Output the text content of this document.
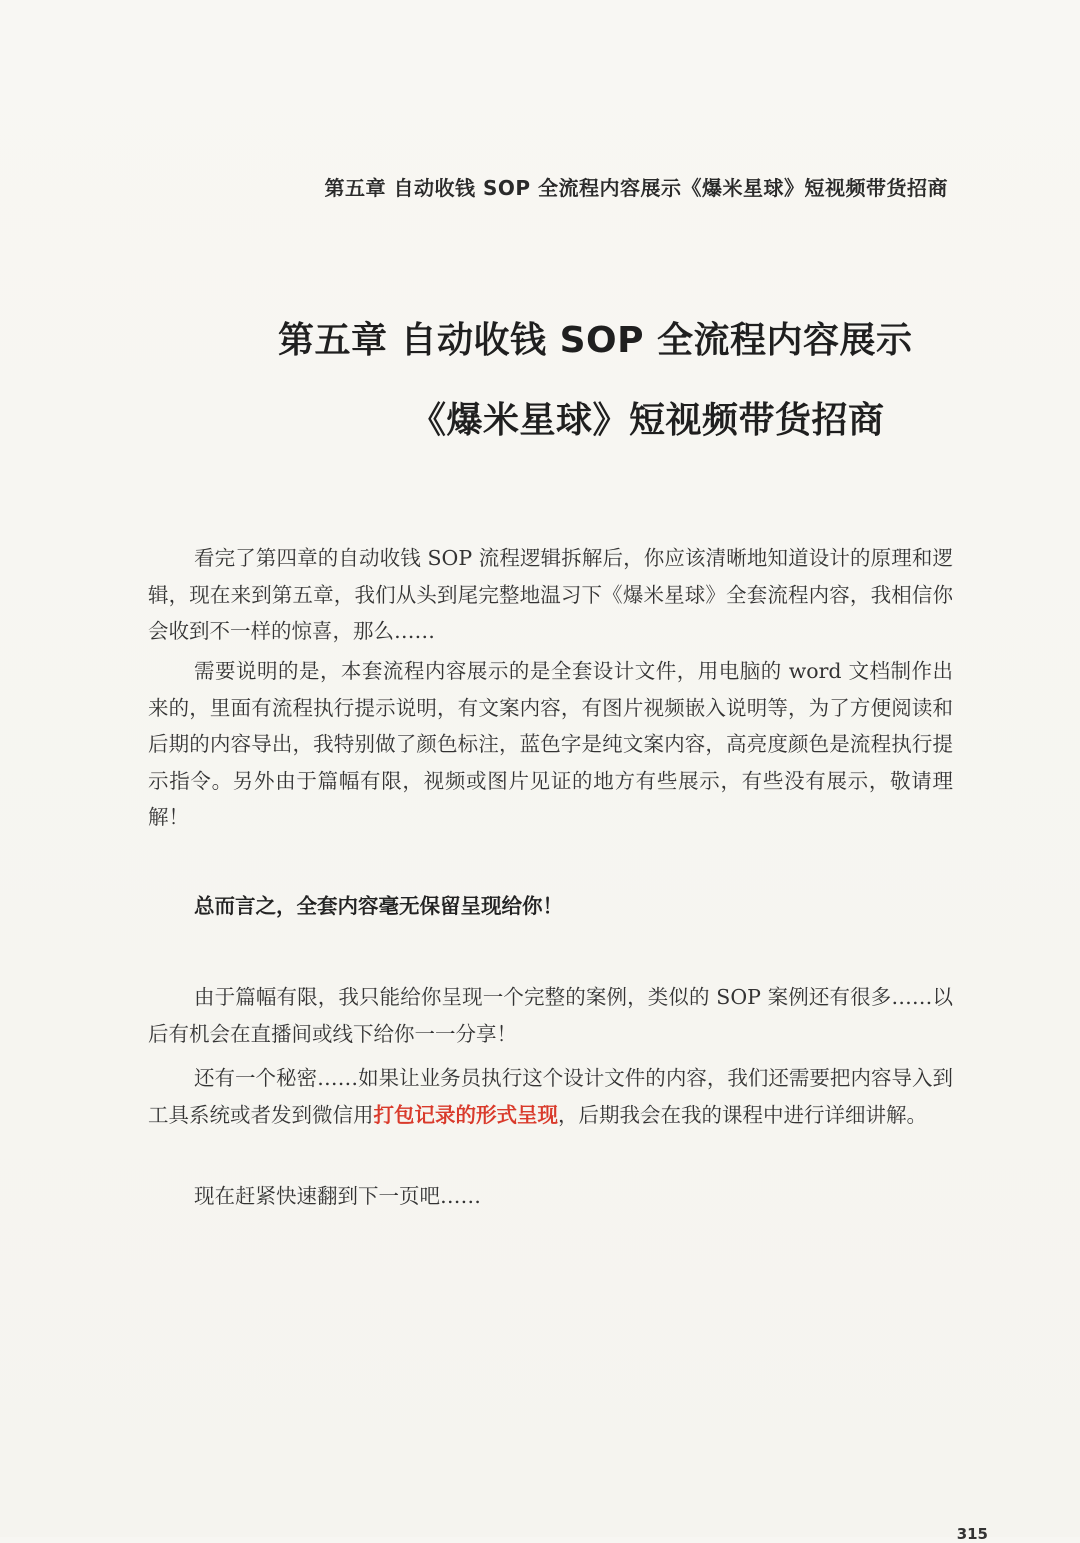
第五章 自动收钱 SOP 全流程内容展示《爆米星球》短视频带货招商
第五章 自动收钱 SOP 全流程内容展示
《爆米星球》短视频带货招商
看完了第四章的自动收钱 SOP 流程逻辑拆解后，你应该清晰地知道设计的原理和逻辑，现在来到第五章，我们从头到尾完整地温习下《爆米星球》全套流程内容，我相信你会收到不一样的惊喜，那么……
需要说明的是，本套流程内容展示的是全套设计文件，用电脑的 word 文档制作出来的，里面有流程执行提示说明，有文案内容，有图片视频嵌入说明等，为了方便阅读和后期的内容导出，我特别做了颜色标注，蓝色字是纯文案内容，高亮度颜色是流程执行提示指令。另外由于篇幅有限，视频或图片见证的地方有些展示，有些没有展示，敬请理解！
总而言之，全套内容毫无保留呈现给你！
由于篇幅有限，我只能给你呈现一个完整的案例，类似的 SOP 案例还有很多……以后有机会在直播间或线下给你一一分享！
还有一个秘密……如果让业务员执行这个设计文件的内容，我们还需要把内容导入到工具系统或者发到微信用打包记录的形式呈现，后期我会在我的课程中进行详细讲解。
现在赶紧快速翻到下一页吧……
315
